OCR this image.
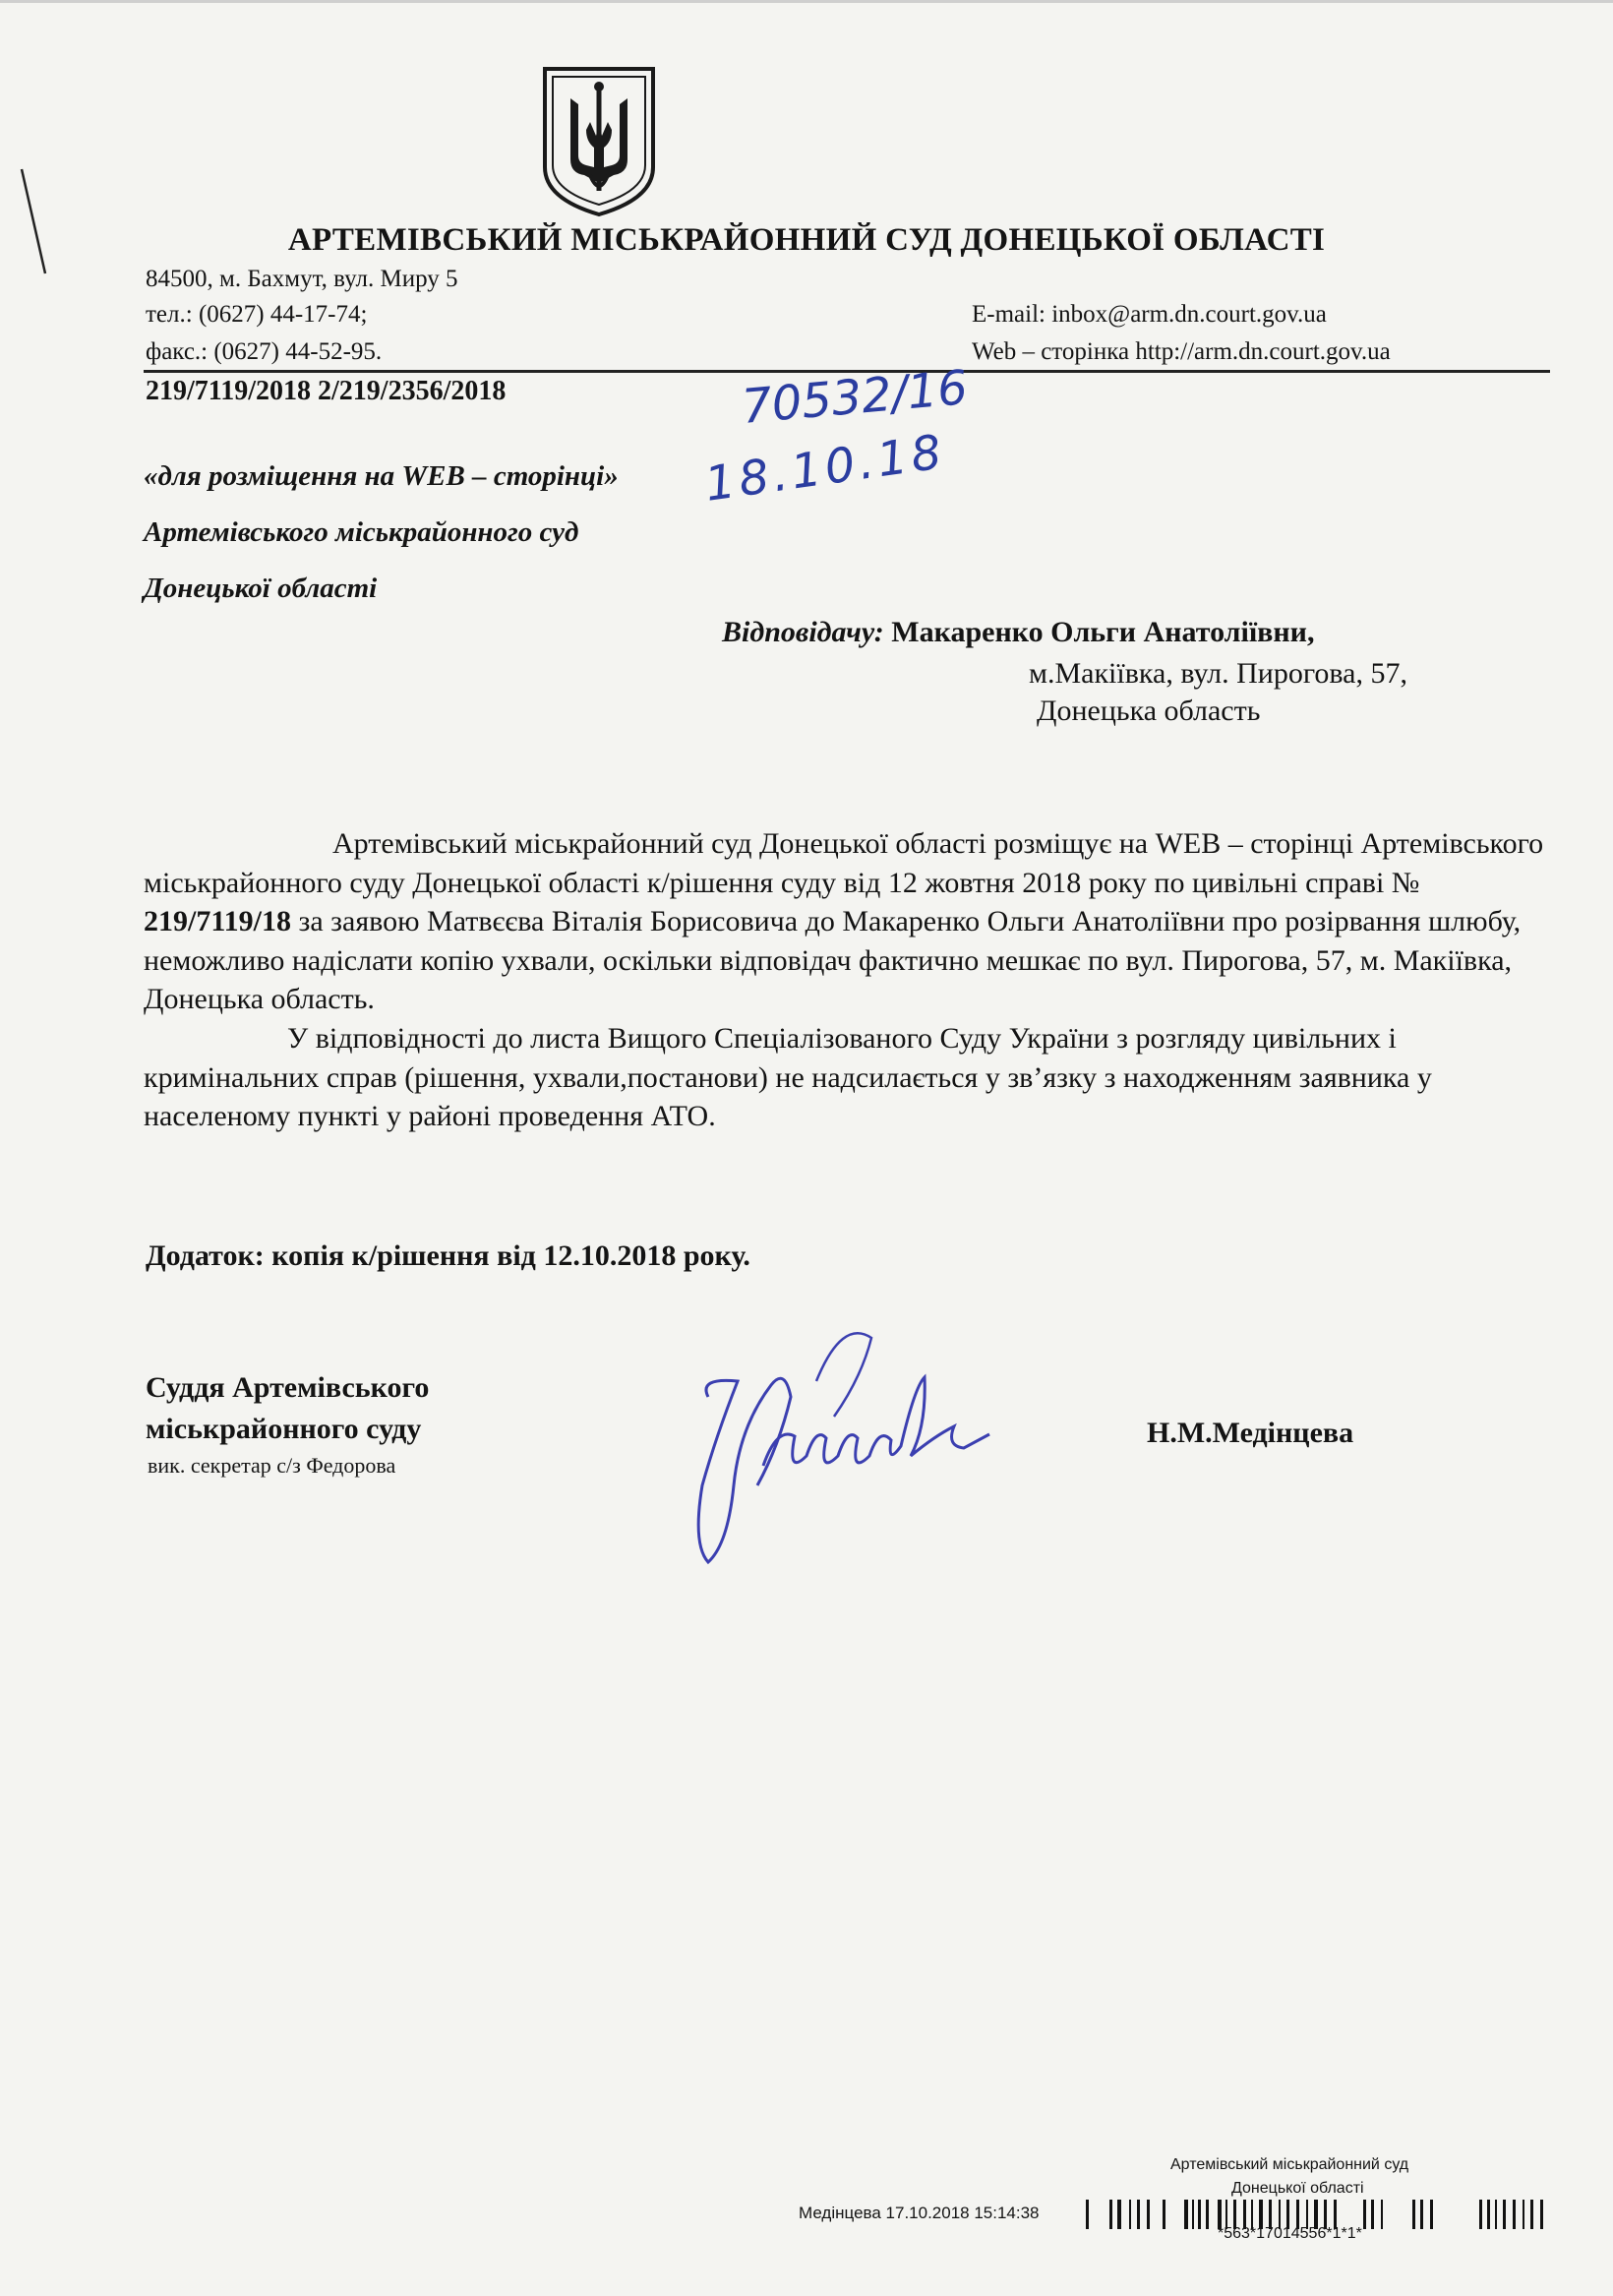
АРТЕМІВСЬКИЙ МІСЬКРАЙОННИЙ СУД ДОНЕЦЬКОЇ ОБЛАСТІ
84500, м. Бахмут, вул. Миру 5
тел.: (0627) 44-17-74;
факс.: (0627) 44-52-95.
E-mail: inbox@arm.dn.court.gov.ua
Web – сторінка http://arm.dn.court.gov.ua
219/7119/2018 2/219/2356/2018	70532/16
18.10.18
«для розміщення на WEB – сторінці»
Артемівського міськрайонного суд
Донецької області
Відповідачу: Макаренко Ольги Анатоліївни,
м.Макіївка, вул. Пирогова, 57,
Донецька область

Артемівський міськрайонний суд Донецької області розміщує на WEB – сторінці Артемівського міськрайонного суду Донецької області к/рішення суду від 12 жовтня 2018 року по цивільні справі № 219/7119/18 за заявою Матвєєва Віталія Борисовича до Макаренко Ольги Анатоліївни про розірвання шлюбу, неможливо надіслати копію ухвали, оскільки відповідач фактично мешкає по вул. Пирогова, 57, м. Макіївка, Донецька область.

У відповідності до листа Вищого Спеціалізованого Суду України з розгляду цивільних і кримінальних справ (рішення, ухвали,постанови) не надсилається у зв’язку з находженням заявника у населеному пункті у районі проведення АТО.

Додаток: копія к/рішення від 12.10.2018 року.
Суддя Артемівського
міськрайонного суду
вик. секретар с/з Федорова
Н.М.Медінцева
Артемівський міськрайонний суд
Донецької області
Медінцева 17.10.2018 15:14:38
*563*17014556*1*1*
